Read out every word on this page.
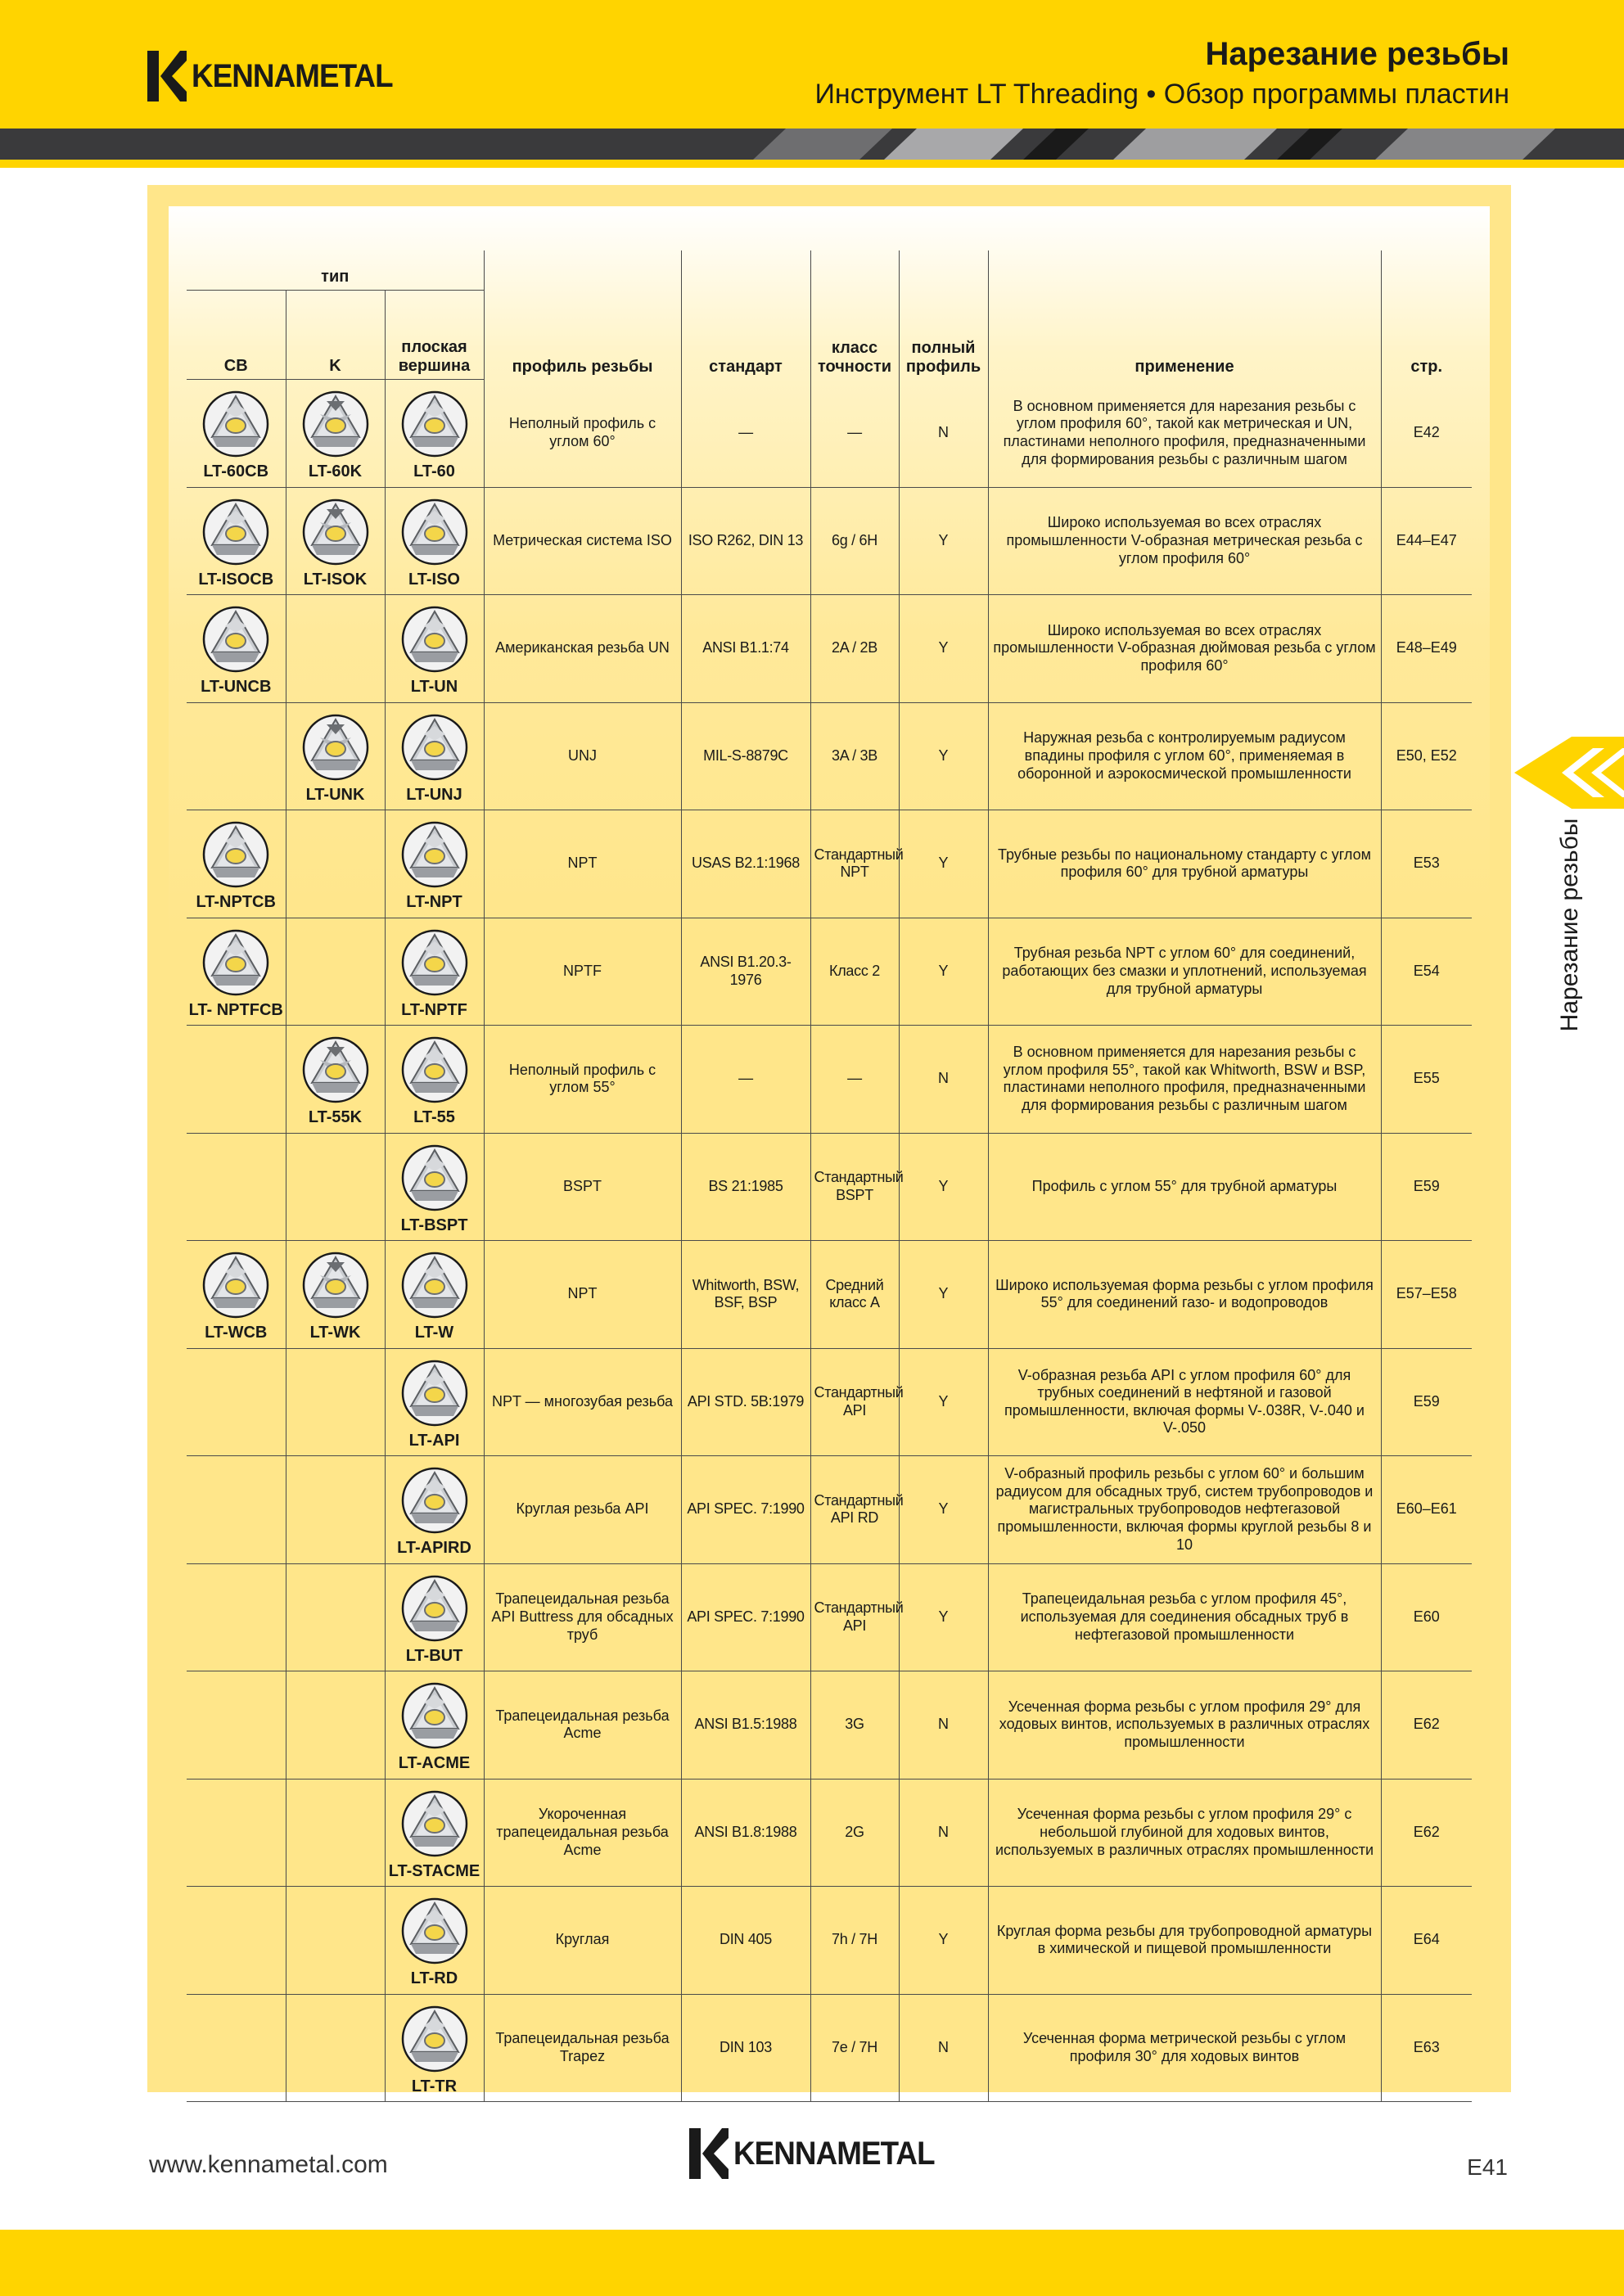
KENNAMETAL
Нарезание резьбы
Инструмент LT Threading • Обзор программы пластин
Нарезание резьбы
тип			профиль резьбы	стандарт	класс точности	полный профиль	применение	стр.
CB	K	плоская вершина						

LT-60CB	LT-60K	LT-60	Неполный профиль с углом 60°	—	—	N	В основном применяется для нарезания резьбы с углом профиля 60°, такой как метрическая и UN, пластинами неполного профиля, предназначенными для формирования резьбы с различным шагом	E42

LT-ISOCB	LT-ISOK	LT-ISO	Метрическая система ISO	ISO R262, DIN 13	6g / 6H	Y	Широко используемая во всех отраслях промышленности V-образная метрическая резьба с углом профиля 60°	E44–E47

LT-UNCB		LT-UN	Американская резьба UN	ANSI B1.1:74	2A / 2B	Y	Широко используемая во всех отраслях промышленности V-образная дюймовая резьба с углом профиля 60°	E48–E49

	LT-UNK	LT-UNJ	UNJ	MIL-S-8879C	3A / 3B	Y	Наружная резьба с контролируемым радиусом впадины профиля с углом 60°, применяемая в оборонной и аэрокосмической промышленности	E50, E52

LT-NPTCB		LT-NPT	NPT	USAS B2.1:1968	Стандартный NPT	Y	Трубные резьбы по национальному стандарту с углом профиля 60° для трубной арматуры	E53

LT- NPTFCB		LT-NPTF	NPTF	ANSI B1.20.3-1976	Класс 2	Y	Трубная резьба NPT с углом 60° для соединений, работающих без смазки и уплотнений, используемая для трубной арматуры	E54

	LT-55K	LT-55	Неполный профиль с углом 55°	—	—	N	В основном применяется для нарезания резьбы с углом профиля 55°, такой как Whitworth, BSW и BSP, пластинами неполного профиля, предназначенными для формирования резьбы с различным шагом	E55

		LT-BSPT	BSPT	BS 21:1985	Стандартный BSPT	Y	Профиль с углом 55° для трубной арматуры	E59

LT-WCB	LT-WK	LT-W	NPT	Whitworth, BSW, BSF, BSP	Средний класс A	Y	Широко используемая форма резьбы с углом профиля 55° для соединений газо- и водопроводов	E57–E58

		LT-API	NPT — многозубая резьба	API STD. 5B:1979	Стандартный API	Y	V-образная резьба API с углом профиля 60° для трубных соединений в нефтяной и газовой промышленности, включая формы V-.038R, V-.040 и V-.050	E59

		LT-APIRD	Круглая резьба API	API SPEC. 7:1990	Стандартный API RD	Y	V-образный профиль резьбы с углом 60° и большим радиусом для обсадных труб, систем трубопроводов и магистральных трубопроводов нефтегазовой промышленности, включая формы круглой резьбы 8 и 10	E60–E61

		LT-BUT	Трапецеидальная резьба API Buttress для обсадных труб	API SPEC. 7:1990	Стандартный API	Y	Трапецеидальная резьба с углом профиля 45°, используемая для соединения обсадных труб в нефтегазовой промышленности	E60

		LT-ACME	Трапецеидальная резьба Acme	ANSI B1.5:1988	3G	N	Усеченная форма резьбы с углом профиля 29° для ходовых винтов, используемых в различных отраслях промышленности	E62

		LT-STACME	Укороченная трапецеидальная резьба Acme	ANSI B1.8:1988	2G	N	Усеченная форма резьбы с углом профиля 29° с небольшой глубиной для ходовых винтов, используемых в различных отраслях промышленности	E62

		LT-RD	Круглая	DIN 405	7h / 7H	Y	Круглая форма резьбы для трубопроводной арматуры в химической и пищевой промышленности	E64

		LT-TR	Трапецеидальная резьба Trapez	DIN 103	7e / 7H	N	Усеченная форма метрической резьбы с углом профиля 30° для ходовых винтов	E63
www.kennametal.com	KENNAMETAL	E41
